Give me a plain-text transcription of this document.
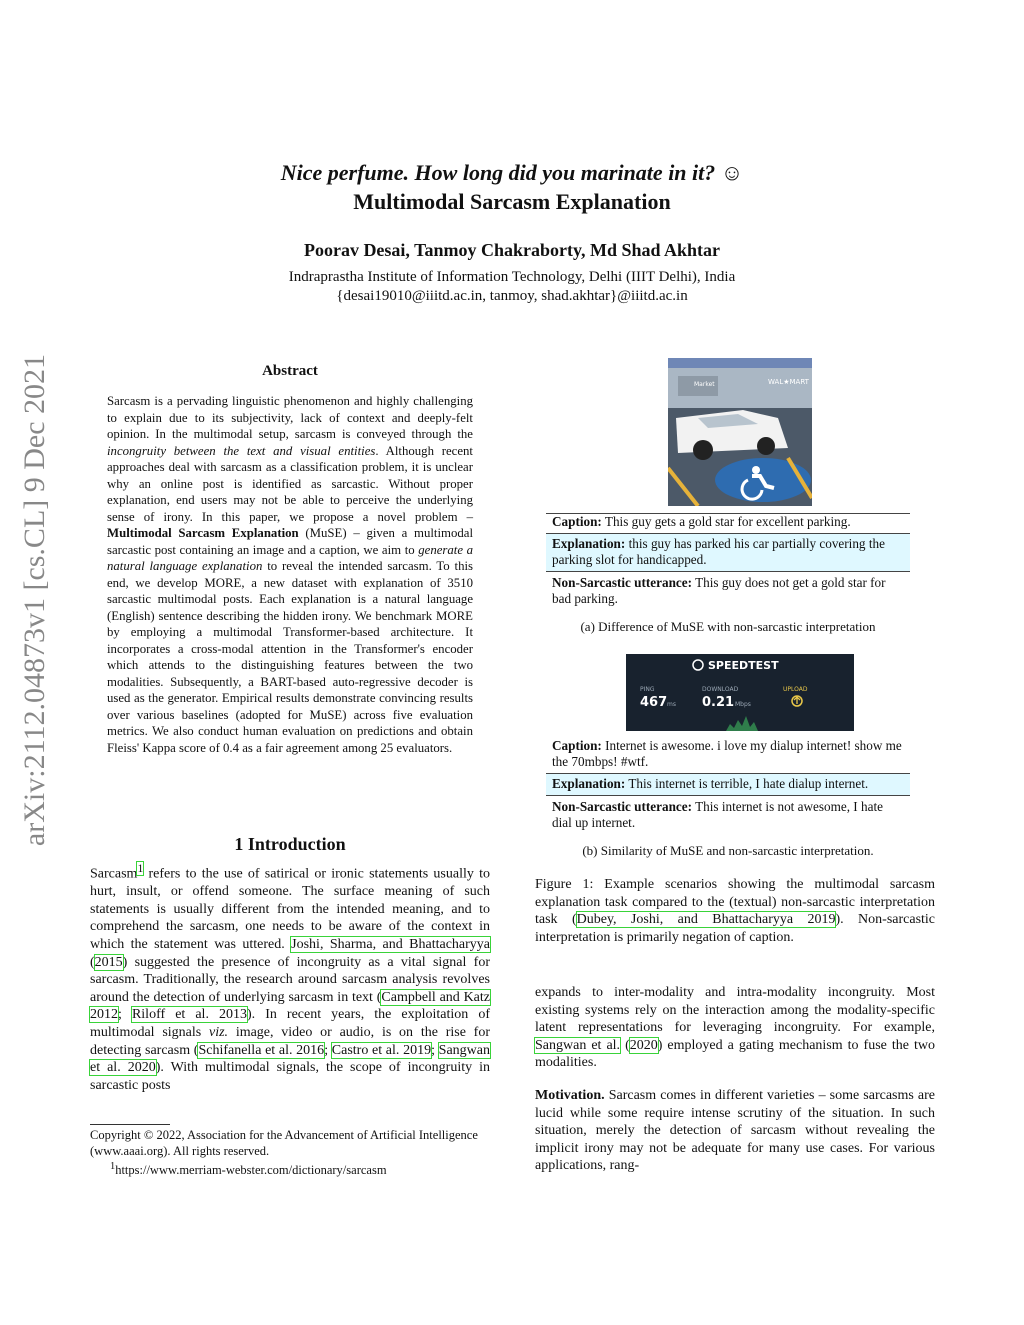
Nice perfume. How long did you marinate in it? ☺
Multimodal Sarcasm Explanation
Poorav Desai, Tanmoy Chakraborty, Md Shad Akhtar
Indraprastha Institute of Information Technology, Delhi (IIIT Delhi), India
{desai19010@iiitd.ac.in, tanmoy, shad.akhtar}@iiitd.ac.in
arXiv:2112.04873v1 [cs.CL] 9 Dec 2021	Abstract
Sarcasm is a pervading linguistic phenomenon and highly challenging to explain due to its subjectivity, lack of context and deeply-felt opinion. In the multimodal setup, sarcasm is conveyed through the incongruity between the text and visual entities. Although recent approaches deal with sarcasm as a classification problem, it is unclear why an online post is identified as sarcastic. Without proper explanation, end users may not be able to perceive the underlying sense of irony. In this paper, we propose a novel problem – Multimodal Sarcasm Explanation (MuSE) – given a multimodal sarcastic post containing an image and a caption, we aim to generate a natural language explanation to reveal the intended sarcasm. To this end, we develop MORE, a new dataset with explanation of 3510 sarcastic multimodal posts. Each explanation is a natural language (English) sentence describing the hidden irony. We benchmark MORE by employing a multimodal Transformer-based architecture. It incorporates a cross-modal attention in the Transformer's encoder which attends to the distinguishing features between the two modalities. Subsequently, a BART-based auto-regressive decoder is used as the generator. Empirical results demonstrate convincing results over various baselines (adopted for MuSE) across five evaluation metrics. We also conduct human evaluation on predictions and obtain Fleiss' Kappa score of 0.4 as a fair agreement among 25 evaluators.
1 Introduction
Sarcasm$^1$ refers to the use of satirical or ironic statements usually to hurt, insult, or offend someone. The surface meaning of such statements is usually different from the intended meaning, and to comprehend the sarcasm, one needs to be aware of the context in which the statement was uttered. Joshi, Sharma, and Bhattacharyya (2015) suggested the presence of incongruity as a vital signal for sarcasm. Traditionally, the research around sarcasm analysis revolves around the detection of underlying sarcasm in text (Campbell and Katz 2012; Riloff et al. 2013). In recent years, the exploitation of multimodal signals viz. image, video or audio, is on the rise for detecting sarcasm (Schifanella et al. 2016; Castro et al. 2019; Sangwan et al. 2020). With multimodal signals, the scope of incongruity in sarcastic posts
Copyright © 2022, Association for the Advancement of Artificial Intelligence (www.aaai.org). All rights reserved.
$^1$https://www.merriam-webster.com/dictionary/sarcasm
Market	WAL★MART
Caption: This guy gets a gold star for excellent parking.
Explanation: this guy has parked his car partially covering the parking slot for handicapped.
Non-Sarcastic utterance: This guy does not get a gold star for bad parking.
(a) Difference of MuSE with non-sarcastic interpretation
SPEEDTEST
PING
467 ms
DOWNLOAD
0.21 Mbps
UPLOAD
Caption: Internet is awesome. i love my dialup internet! show me the 70mbps! #wtf.
Explanation: This internet is terrible, I hate dialup internet.
Non-Sarcastic utterance: This internet is not awesome, I hate dial up internet.
(b) Similarity of MuSE and non-sarcastic interpretation.
Figure 1: Example scenarios showing the multimodal sarcasm explanation task compared to the (textual) non-sarcastic interpretation task (Dubey, Joshi, and Bhattacharyya 2019). Non-sarcastic interpretation is primarily negation of caption.
expands to inter-modality and intra-modality incongruity. Most existing systems rely on the interaction among the modality-specific latent representations for leveraging incongruity. For example, Sangwan et al. (2020) employed a gating mechanism to fuse the two modalities.
Motivation. Sarcasm comes in different varieties – some sarcasms are lucid while some require intense scrutiny of the situation. In such situation, merely the detection of sarcasm without revealing the implicit irony may not be adequate for many use cases. For various applications, rang-
